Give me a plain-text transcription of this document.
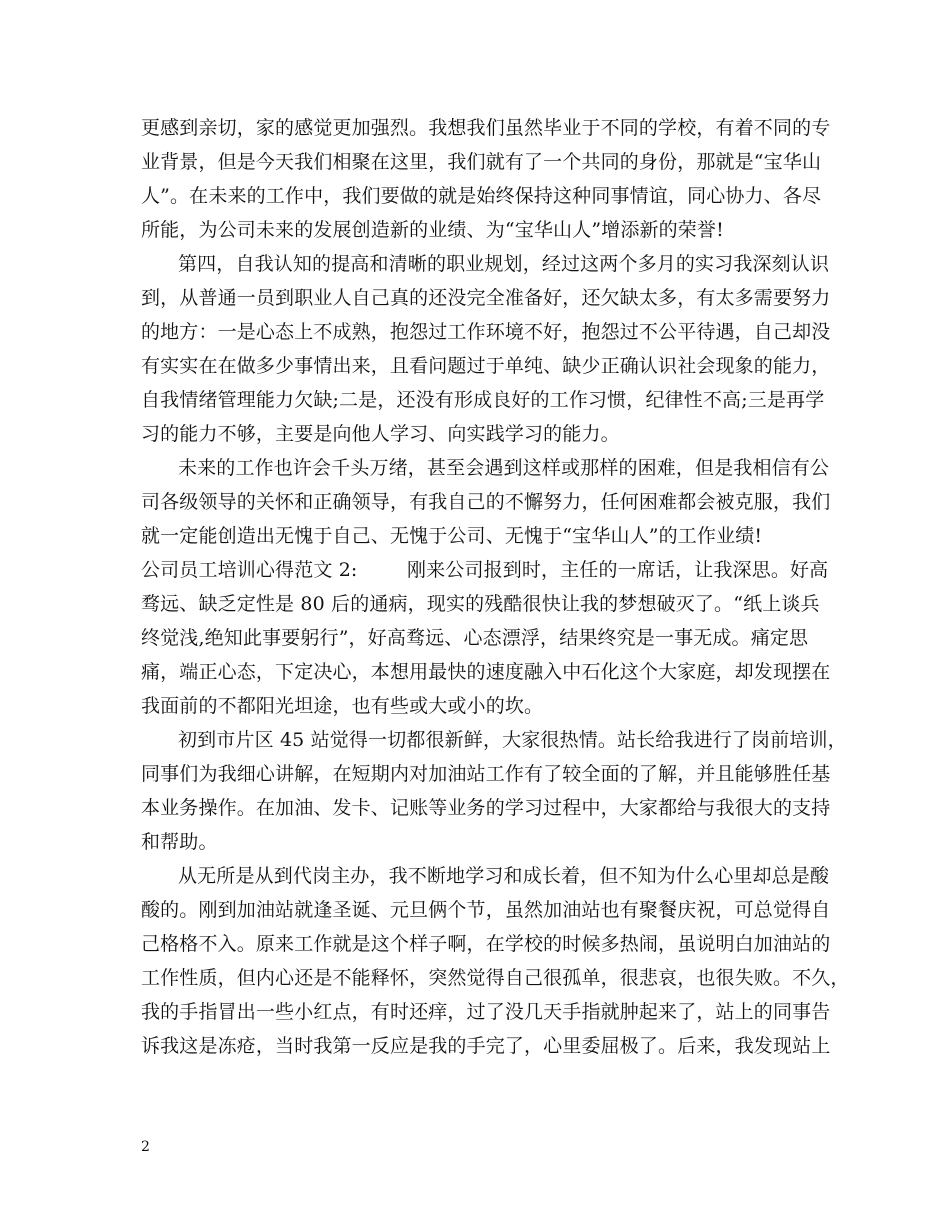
更感到亲切，家的感觉更加强烈。我想我们虽然毕业于不同的学校，有着不同的专
业背景，但是今天我们相聚在这里，我们就有了一个共同的身份，那就是“宝华山
人”。在未来的工作中，我们要做的就是始终保持这种同事情谊，同心协力、各尽
所能，为公司未来的发展创造新的业绩、为“宝华山人”增添新的荣誉!
第四，自我认知的提高和清晰的职业规划，经过这两个多月的实习我深刻认识
到，从普通一员到职业人自己真的还没完全准备好，还欠缺太多，有太多需要努力
的地方：一是心态上不成熟，抱怨过工作环境不好，抱怨过不公平待遇，自己却没
有实实在在做多少事情出来，且看问题过于单纯、缺少正确认识社会现象的能力，
自我情绪管理能力欠缺;二是，还没有形成良好的工作习惯，纪律性不高;三是再学
习的能力不够，主要是向他人学习、向实践学习的能力。
未来的工作也许会千头万绪，甚至会遇到这样或那样的困难，但是我相信有公
司各级领导的关怀和正确领导，有我自己的不懈努力，任何困难都会被克服，我们
就一定能创造出无愧于自己、无愧于公司、无愧于“宝华山人”的工作业绩!
公司员工培训心得范文 2:        刚来公司报到时，主任的一席话，让我深思。好高
骛远、缺乏定性是 80 后的通病，现实的残酷很快让我的梦想破灭了。“纸上谈兵
终觉浅,绝知此事要躬行”，好高骛远、心态漂浮，结果终究是一事无成。痛定思
痛，端正心态，下定决心，本想用最快的速度融入中石化这个大家庭，却发现摆在
我面前的不都阳光坦途，也有些或大或小的坎。
初到市片区 45 站觉得一切都很新鲜，大家很热情。站长给我进行了岗前培训，
同事们为我细心讲解，在短期内对加油站工作有了较全面的了解，并且能够胜任基
本业务操作。在加油、发卡、记账等业务的学习过程中，大家都给与我很大的支持
和帮助。
从无所是从到代岗主办，我不断地学习和成长着，但不知为什么心里却总是酸
酸的。刚到加油站就逢圣诞、元旦俩个节，虽然加油站也有聚餐庆祝，可总觉得自
己格格不入。原来工作就是这个样子啊，在学校的时候多热闹，虽说明白加油站的
工作性质，但内心还是不能释怀，突然觉得自己很孤单，很悲哀，也很失败。不久，
我的手指冒出一些小红点，有时还痒，过了没几天手指就肿起来了，站上的同事告
诉我这是冻疮，当时我第一反应是我的手完了，心里委屈极了。后来，我发现站上
2
